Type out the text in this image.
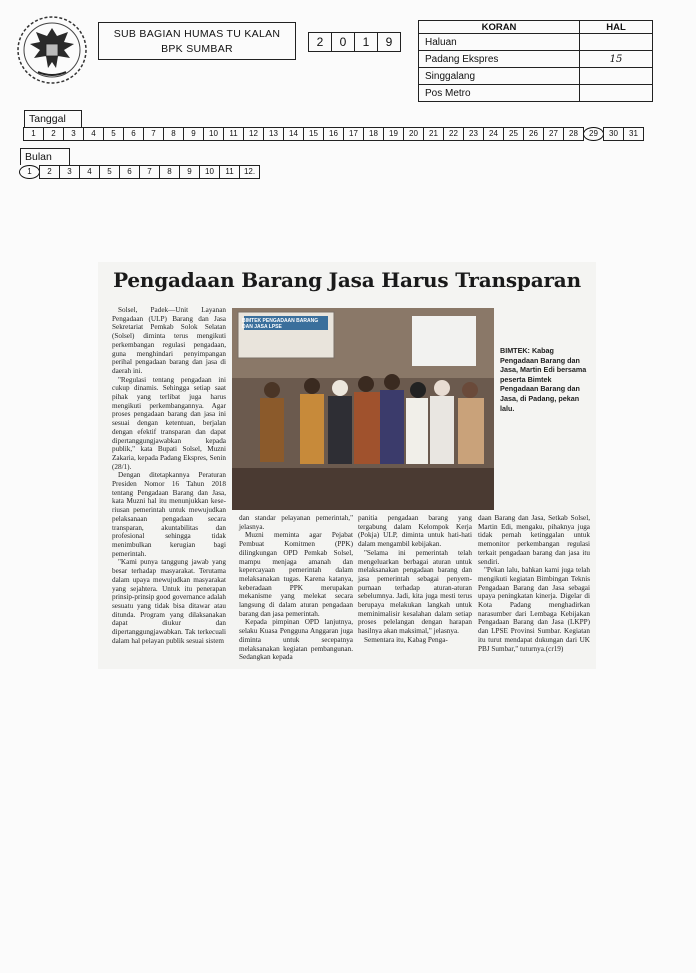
SUB BAGIAN HUMAS TU KALAN
BPK SUMBAR	2	0	1	9
KORAN	HAL
Haluan	
Padang Ekspres	15
Singgalang	
Pos Metro	
Tanggal
1	2	3	4	5	6	7	8	9	10	11	12	13	14	15	16	17	18	19	20	21	22	23	24	25	26	27	28	29	30	31
Bulan
1	2	3	4	5	6	7	8	9	10	11	12.
Pengadaan Barang Jasa Harus Transparan

Solsel, Padek—Unit Layanan Pengadaan (ULP) Barang dan Jasa Sekretariat Pemkab Solok Selatan (Solsel) diminta terus mengikuti perkembangan regulasi pengadaan, guna menghindari penyimpangan perihal pengadaan barang dan jasa di daerah ini.

"Regulasi tentang pengadaan ini cukup dinamis. Sehingga setiap saat pihak yang terlibat juga harus mengikuti perkembangannya. Agar proses pengadaan barang dan jasa ini sesuai dengan ketentuan, berjalan dengan efektif transparan dan dapat dipertanggungjawabkan kepada publik," kata Bupati Solsel, Muzni Zakaria, kepada Padang Ekspres, Senin (28/1).

Dengan ditetapkannya Peraturan Presiden Nomor 16 Tahun 2018 tentang Pengadaan Barang dan Jasa, kata Muzni hal itu menunjukkan kese-riusan pemerintah untuk mewujudkan pelaksanaan pengadaan secara transparan, akuntabilitas dan profesional sehingga tidak menimbulkan kerugian bagi pemerintah.

"Kami punya tanggung jawab yang besar terhadap masyarakat. Terutama dalam upaya mewujudkan masyarakat yang sejahtera. Untuk itu penerapan prinsip-prinsip good governance adalah sesuatu yang tidak bisa ditawar atau ditunda. Program yang dilaksanakan dapat diukur dan dipertanggungjawabkan. Tak terkecuali dalam hal pelayan publik sesuai sistem

BIMTEK PENGADAAN BARANG DAN JASA LPSE
BIMTEK: Kabag Pengadaan Barang dan Jasa, Martin Edi bersama peserta Bimtek Pengadaan Barang dan Jasa, di Padang, pekan lalu.

dan standar pelayanan pemerintah," jelasnya.

Muzni meminta agar Pejabat Pembuat Komitmen (PPK) dilingkungan OPD Pemkab Solsel, mampu menjaga amanah dan kepercayaan pemerintah dalam melaksanakan tugas. Karena katanya, keberadaan PPK merupakan mekanisme yang melekat secara langsung di dalam aturan pengadaan barang dan jasa pemerintah.

Kepada pimpinan OPD lanjutnya, selaku Kuasa Pengguna Anggaran juga diminta untuk secepatnya melaksanakan kegiatan pembangunan. Sedangkan kepada

panitia pengadaan barang yang tergabung dalam Kelompok Kerja (Pokja) ULP, diminta untuk hati-hati dalam mengambil kebijakan.

"Selama ini pemerintah telah mengeluarkan berbagai aturan untuk melaksanakan pengadaan barang dan jasa pemerintah sebagai penyem-purnaan terhadap aturan-aturan sebelumnya. Jadi, kita juga mesti terus berupaya melakukan langkah untuk meminimalisir kesalahan dalam setiap proses pelelangan dengan harapan hasilnya akan maksimal," jelasnya.

Sementara itu, Kabag Penga-

daan Barang dan Jasa, Setkab Solsel, Martin Edi, mengaku, pihaknya juga tidak pernah ketinggalan untuk memonitor perkembangan regulasi terkait pengadaan barang dan jasa itu sendiri.

"Pekan lalu, bahkan kami juga telah mengikuti kegiatan Bimbingan Teknis Pengadaan Barang dan Jasa sebagai upaya peningkatan kinerja. Digelar di Kota Padang menghadirkan narasumber dari Lembaga Kebijakan Pengadaan Barang dan Jasa (LKPP) dan LPSE Provinsi Sumbar. Kegiatan itu turut mendapat dukungan dari UK PBJ Sumbar," tuturnya.(cr19)
